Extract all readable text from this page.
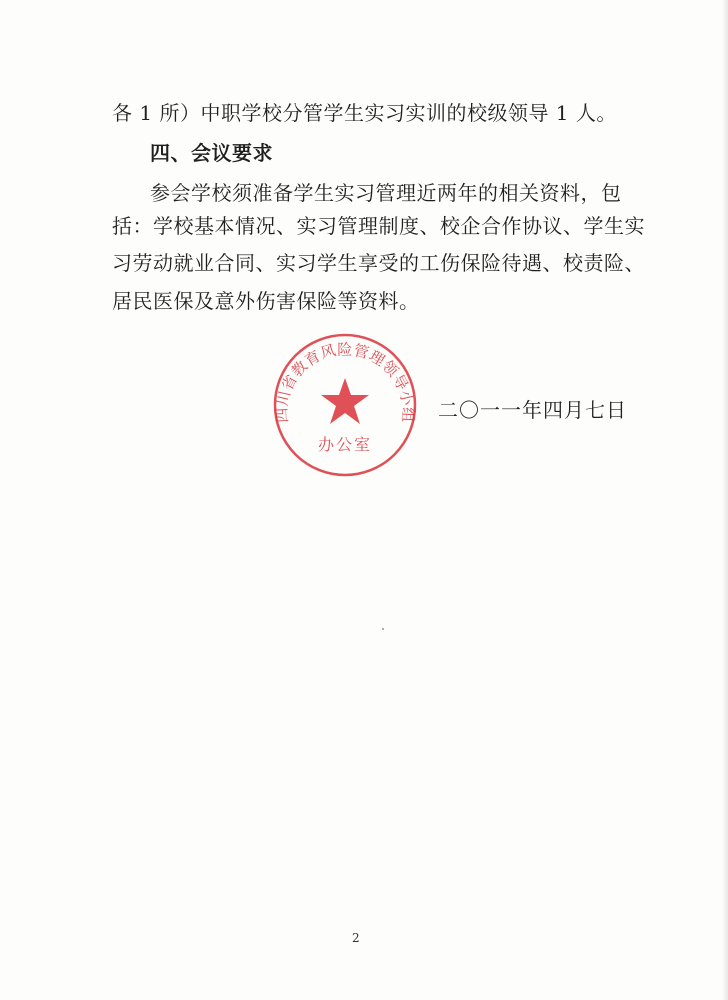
各 1 所）中职学校分管学生实习实训的校级领导 1 人。
四、会议要求
参会学校须准备学生实习管理近两年的相关资料，包
括：学校基本情况、实习管理制度、校企合作协议、学生实
习劳动就业合同、实习学生享受的工伤保险待遇、校责险、
居民医保及意外伤害保险等资料。
四川省教育风险管理领导小组
办公室
二〇一一年四月七日
2
